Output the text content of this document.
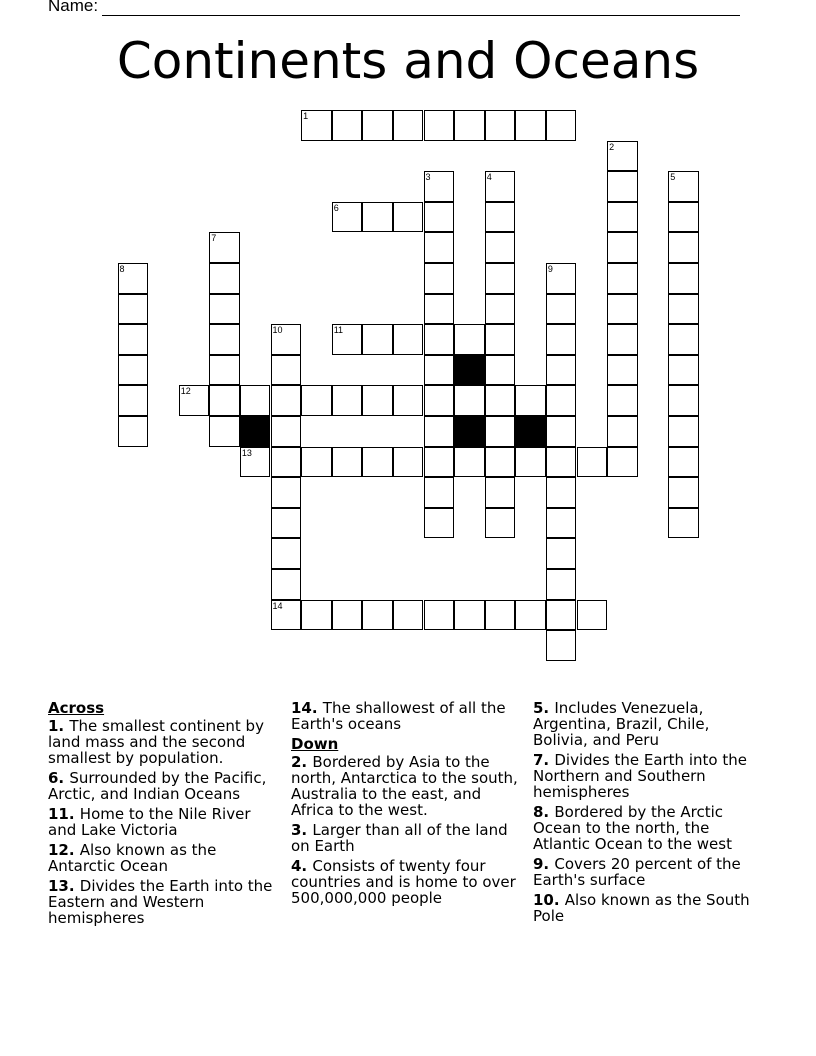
Name:
Continents and Oceans
1
2
3	4	5
6
7
8	9
10	11
12
13
14
Across
1. The smallest continent by land mass and the second smallest by population.
6. Surrounded by the Pacific, Arctic, and Indian Oceans
11. Home to the Nile River and Lake Victoria
12. Also known as the Antarctic Ocean
13. Divides the Earth into the Eastern and Western hemispheres
14. The shallowest of all the Earth's oceans
Down
2. Bordered by Asia to the north, Antarctica to the south, Australia to the east, and Africa to the west.
3. Larger than all of the land on Earth
4. Consists of twenty four countries and is home to over 500,000,000 people
5. Includes Venezuela, Argentina, Brazil, Chile, Bolivia, and Peru
7. Divides the Earth into the Northern and Southern hemispheres
8. Bordered by the Arctic Ocean to the north, the Atlantic Ocean to the west
9. Covers 20 percent of the Earth's surface
10. Also known as the South Pole
